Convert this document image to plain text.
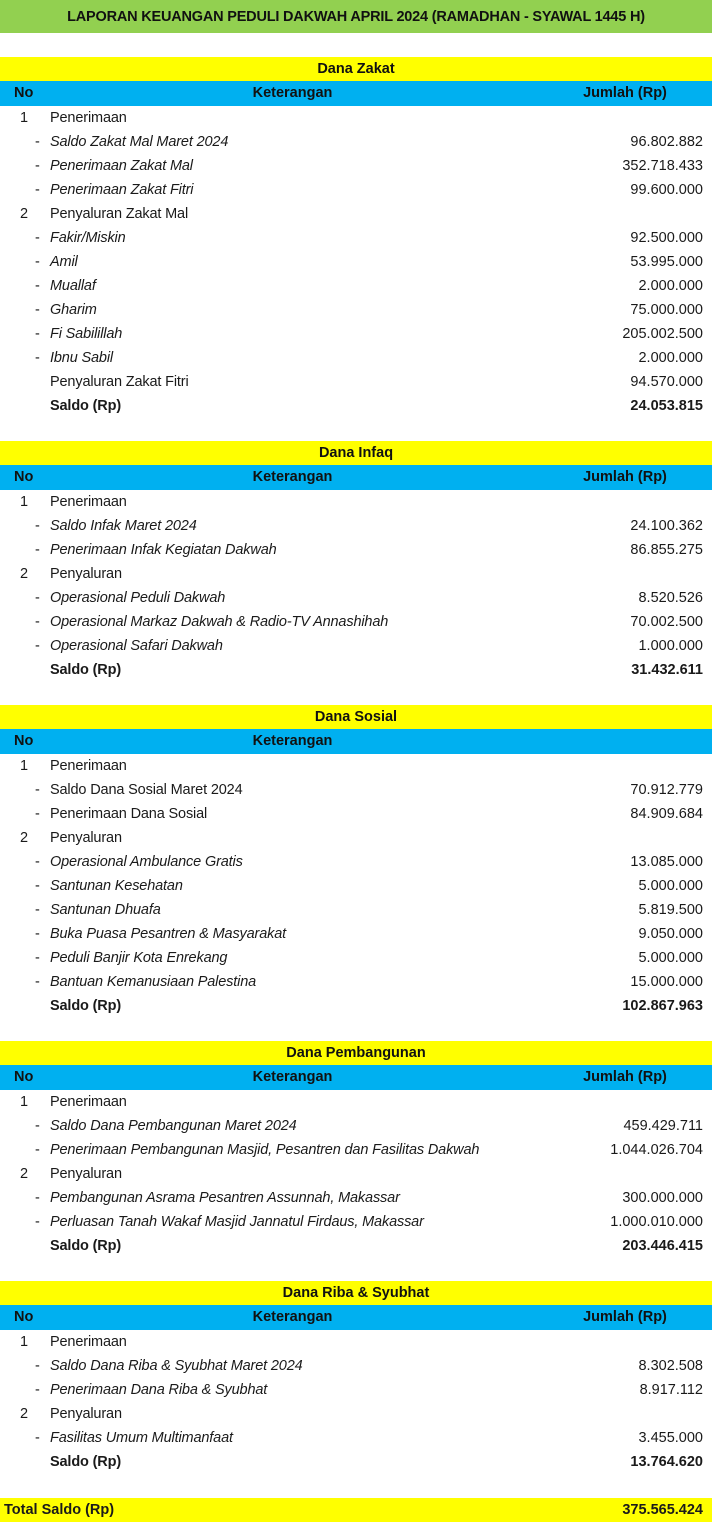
LAPORAN KEUANGAN PEDULI DAKWAH APRIL 2024 (RAMADHAN - SYAWAL 1445 H)
Dana Zakat
No	Keterangan	Jumlah (Rp)
1 Penerimaan
- Saldo Zakat Mal Maret 2024	96.802.882
- Penerimaan Zakat Mal	352.718.433
- Penerimaan Zakat Fitri	99.600.000
2 Penyaluran Zakat Mal
- Fakir/Miskin	92.500.000
- Amil	53.995.000
- Muallaf	2.000.000
- Gharim	75.000.000
- Fi Sabilillah	205.002.500
- Ibnu Sabil	2.000.000
Penyaluran Zakat Fitri	94.570.000
Saldo (Rp)	24.053.815
Dana Infaq
No	Keterangan	Jumlah (Rp)
1 Penerimaan
- Saldo Infak Maret 2024	24.100.362
- Penerimaan Infak Kegiatan Dakwah	86.855.275
2 Penyaluran
- Operasional Peduli Dakwah	8.520.526
- Operasional Markaz Dakwah & Radio-TV Annashihah	70.002.500
- Operasional Safari Dakwah	1.000.000
Saldo (Rp)	31.432.611
Dana Sosial
No	Keterangan
1 Penerimaan
- Saldo Dana Sosial Maret 2024	70.912.779
- Penerimaan Dana Sosial	84.909.684
2 Penyaluran
- Operasional Ambulance Gratis	13.085.000
- Santunan Kesehatan	5.000.000
- Santunan Dhuafa	5.819.500
- Buka Puasa Pesantren & Masyarakat	9.050.000
- Peduli Banjir Kota Enrekang	5.000.000
- Bantuan Kemanusiaan Palestina	15.000.000
Saldo (Rp)	102.867.963
Dana Pembangunan
No	Keterangan	Jumlah (Rp)
1 Penerimaan
- Saldo Dana Pembangunan Maret 2024	459.429.711
- Penerimaan Pembangunan Masjid, Pesantren dan Fasilitas Dakwah	1.044.026.704
2 Penyaluran
- Pembangunan Asrama Pesantren Assunnah, Makassar	300.000.000
- Perluasan Tanah Wakaf Masjid Jannatul Firdaus, Makassar	1.000.010.000
Saldo (Rp)	203.446.415
Dana Riba & Syubhat
No	Keterangan	Jumlah (Rp)
1 Penerimaan
- Saldo Dana Riba & Syubhat Maret 2024	8.302.508
- Penerimaan Dana Riba & Syubhat	8.917.112
2 Penyaluran
- Fasilitas Umum Multimanfaat	3.455.000
Saldo (Rp)	13.764.620
Total Saldo (Rp)	375.565.424
